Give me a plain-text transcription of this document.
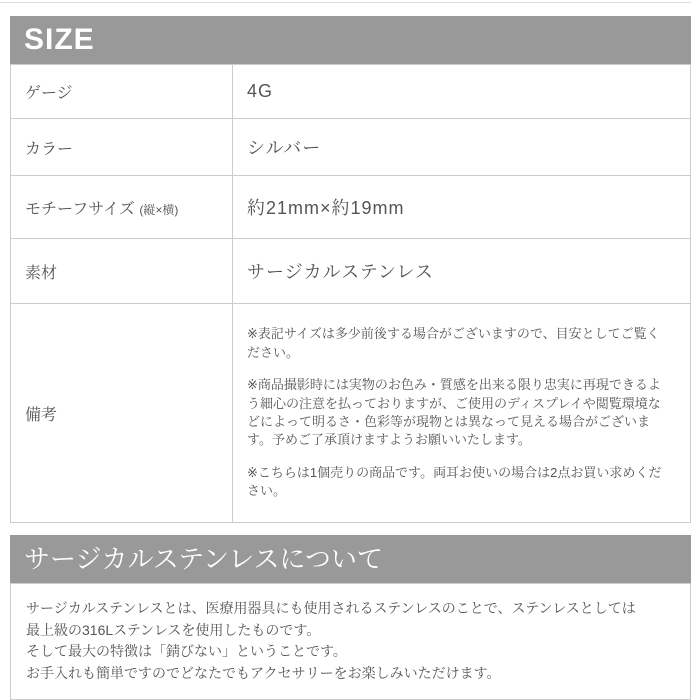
SIZE
ゲージ	4G
カラー	シルバー
モチーフサイズ (縦×横)	約21mm×約19mm
素材	サージカルステンレス
備考	※表記サイズは多少前後する場合がございますので、目安としてご覧ください。

※商品撮影時には実物のお色み・質感を出来る限り忠実に再現できるよう細心の注意を払っておりますが、ご使用のディスプレイや閲覧環境などによって明るさ・色彩等が現物とは異なって見える場合がございます。予めご了承頂けますようお願いいたします。

※こちらは1個売りの商品です。両耳お使いの場合は2点お買い求めください。

サージカルステンレスについて
サージカルステンレスとは、医療用器具にも使用されるステンレスのことで、ステンレスとしては
最上級の316Lステンレスを使用したものです。
そして最大の特徴は「錆びない」ということです。
お手入れも簡単ですのでどなたでもアクセサリーをお楽しみいただけます。
